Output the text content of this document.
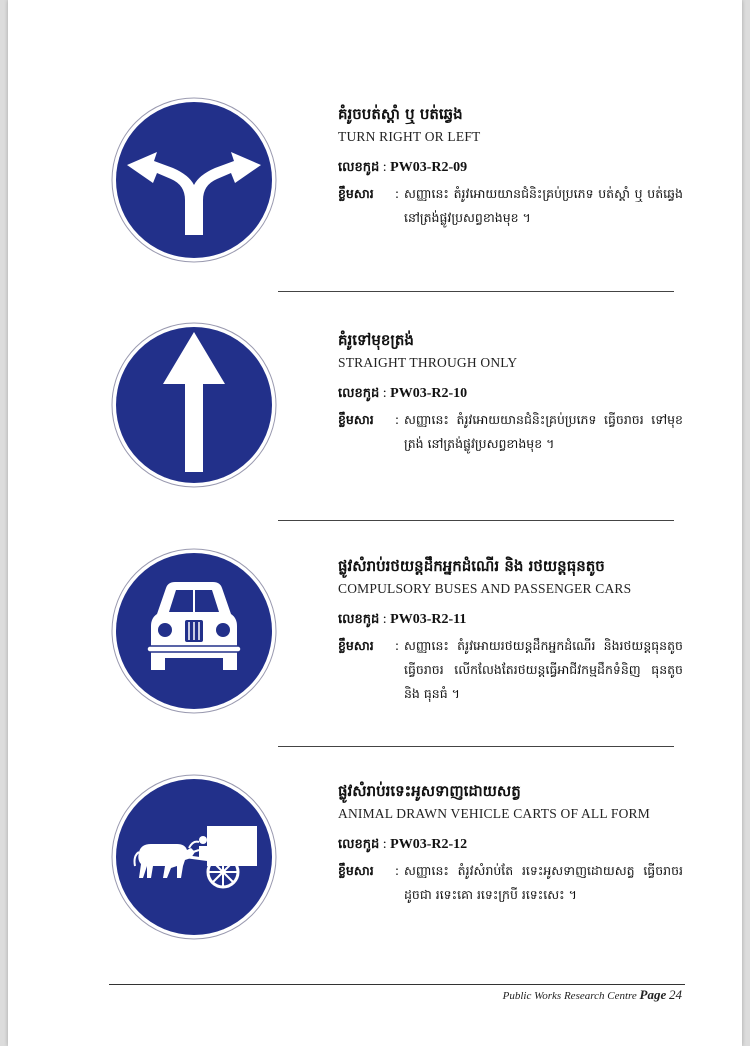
គំរូចបត់ស្ដាំ ឬ បត់ឆ្វេង

TURN RIGHT OR LEFT
លេខកូដ : PW03-R2-09
ខ្លឹមសារ	: សញ្ញានេះ តំរូវអោយយានជំនិះគ្រប់ប្រភេទ បត់ស្ដាំ ឬ បត់ឆ្វេង នៅត្រង់ផ្លូវប្រសព្វខាងមុខ ។

គំរូទៅមុខត្រង់

STRAIGHT THROUGH ONLY
លេខកូដ : PW03-R2-10
ខ្លឹមសារ	: សញ្ញានេះ តំរូវអោយយានជំនិះគ្រប់ប្រភេទ ធ្វើចរាចរ ទៅមុខត្រង់ នៅត្រង់ផ្លូវប្រសព្វខាងមុខ ។

ផ្លូវសំរាប់រថយន្តដឹកអ្នកដំណើរ និង រថយន្តធុនតូច

COMPULSORY BUSES AND PASSENGER CARS
លេខកូដ : PW03-R2-11
ខ្លឹមសារ	: សញ្ញានេះ តំរូវអោយរថយន្តដឹកអ្នកដំណើរ និងរថយន្តធុនតូចធ្វើចរាចរ លើកលែងតែរថយន្តធ្វើអាជីវកម្មដឹកទំនិញ ធុនតូច និង ធុនធំ ។

ផ្លូវសំរាប់រទេះអូសទាញដោយសត្វ

ANIMAL DRAWN VEHICLE CARTS OF ALL FORM
លេខកូដ : PW03-R2-12
ខ្លឹមសារ	: សញ្ញានេះ តំរូវសំរាប់តែ រទេះអូសទាញដោយសត្វ ធ្វើចរាចរ ដូចជា រទេះគោ រទេះក្របី រទេះសេះ ។
Public Works Research Centre Page 24
